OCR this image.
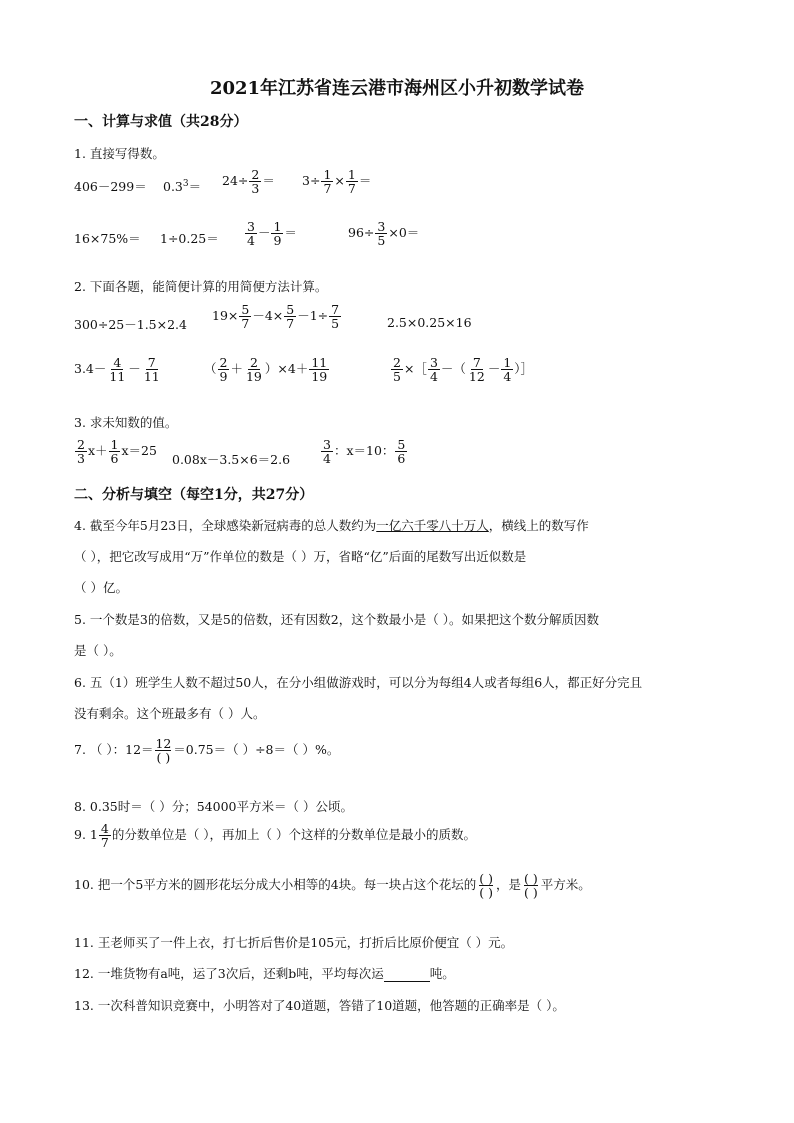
2021年江苏省连云港市海州区小升初数学试卷
一、计算与求值（共28分）
1. 直接写得数。
$406-299= 0.3^3= 24\div \frac{2}{3} = 3\div \frac{1}{7} \times \frac{1}{7}$ ＝
$16\times 75\%= 1\div 0.25= \frac{3}{4} - \frac{1}{9}$ ＝	$96\div \frac{3}{5} \times 0=$
2. 下面各题，能简便计算的用简便方法计算。
300÷25－1.5×2.4
$19\times \frac{5}{7} -4\times \frac{5}{7} -1\div \frac{7}{5}$	2.5×0.25×16
$3.4- \frac{4}{11} - \frac{7}{11}$	（ $\frac{2}{9} + \frac{2}{19} )\times 4+ \frac{11}{19}$	$\frac{2}{5}$ ×［ $\frac{3}{4}$ －（ $\frac{7}{12} - \frac{1}{4}$ ）］
3. 求未知数的值。
$\frac{2}{3} x+ \frac{1}{6} x=25$
$0.08x-3.5\times 6=2.6 \frac{3}{4}$ ：x＝10： $\frac{5}{6}$
二、分析与填空（每空1分，共27分）
4. 截至今年5月23日，全球感染新冠病毒的总人数约为一亿六千零八十万人，横线上的数写作
（ ），把它改写成用“万”作单位的数是（ ）万，省略“亿”后面的尾数写出近似数是
（ ）亿。
5. 一个数是3的倍数，又是5的倍数，还有因数2，这个数最小是（ ）。如果把这个数分解质因数
是（ ）。
6. 五（1）班学生人数不超过50人，在分小组做游戏时，可以分为每组4人或者每组6人，都正好分完且
没有剩余。这个班最多有（ ）人。
7. （ ）：$12= \frac{12}{( )} =0.75=$（ ）÷8＝（ ）%。
8. 0.35时＝（ ）分；54000平方米＝（ ）公顷。
9. $1 \frac{4}{7}$ 的分数单位是（ ），再加上（ ）个这样的分数单位是最小的质数。
10. 把一个5平方米的圆形花坛分成大小相等的4块。每一块占这个花坛的 $\frac{( )}{( )}$ ，是 $\frac{( )}{( )}$ 平方米。
11. 王老师买了一件上衣，打七折后售价是105元，打折后比原价便宜（ ）元。
12. 一堆货物有a吨，运了3次后，还剩b吨，平均每次运	吨。
13. 一次科普知识竞赛中，小明答对了40道题，答错了10道题，他答题的正确率是（ ）。
